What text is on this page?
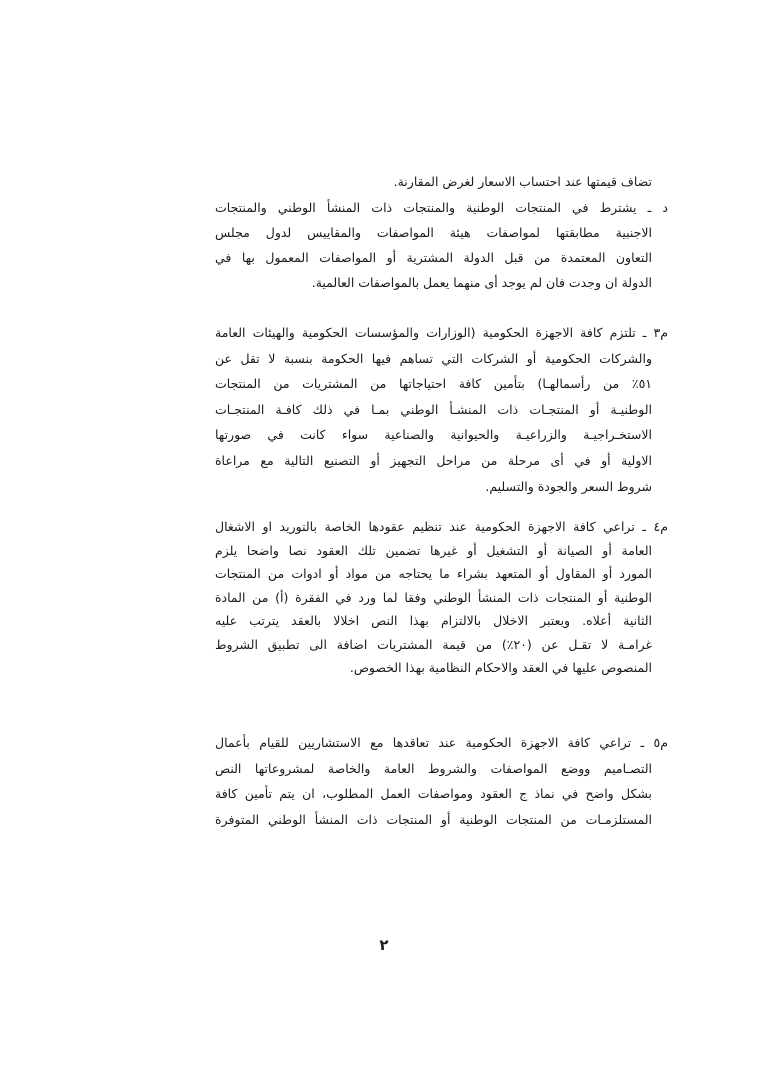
تضاف قيمتها عند احتساب الاسعار لغرض المقارنة.
د ـ يشترط في المنتجات الوطنية والمنتجات ذات المنشأ الوطني والمنتجات
الاجنبية مطابقتها لمواصفات هيئة المواصفات والمقاييس لدول مجلس
التعاون المعتمدة من قبل الدولة المشترية أو المواصفات المعمول بها في
الدولة ان وجدت فان لم يوجد أى منهما يعمل بالمواصفات العالمية.
م٣ ـ تلتزم كافة الاجهزة الحكومية (الوزارات والمؤسسات الحكومية والهيئات العامة
والشركات الحكومية أو الشركات التي تساهم فيها الحكومة بنسبة لا تقل عن
٥١٪ من رأسمالهـا) بتأمين كافة احتياجاتها من المشتريات من المنتجات
الوطنيـة أو المنتجـات ذات المنشـأ الوطني بمـا في ذلك كافـة المنتجـات
الاستخـراجيـة والزراعيـة والحيوانية والصناعية سواء كانت في صورتها
الاولية أو في أى مرحلة من مراحل التجهيز أو التصنيع التالية مع مراعاة
شروط السعر والجودة والتسليم.
م٤ ـ تراعي كافة الاجهزة الحكومية عند تنظيم عقودها الخاصة بالتوريد او الاشغال
العامة أو الصيانة أو التشغيل أو غيرها تضمين تلك العقود نصا واضحا يلزم
المورد أو المقاول أو المتعهد بشراء ما يحتاجه من مواد أو ادوات من المنتجات
الوطنية أو المنتجات ذات المنشأ الوطني وفقا لما ورد في الفقرة (أ) من المادة
الثانية أعلاه. ويعتبر الاخلال بالالتزام بهذا النص اخلالا بالعقد يترتب عليه
غرامـة لا تقـل عن (٢٠٪) من قيمة المشتريات اضافة الى تطبيق الشروط
المنصوص عليها في العقد والاحكام النظامية بهذا الخصوص.
م٥ ـ تراعي كافة الاجهزة الحكومية عند تعاقدها مع الاستشاريين للقيام بأعمال
التصـاميم ووضع المواصفات والشروط العامة والخاصة لمشروعاتها النص
بشكل واضح في نماذ ج العقود ومواصفات العمل المطلوب، ان يتم تأمين كافة
المستلزمـات من المنتجات الوطنية أو المنتجات ذات المنشأ الوطني المتوفرة
٢
